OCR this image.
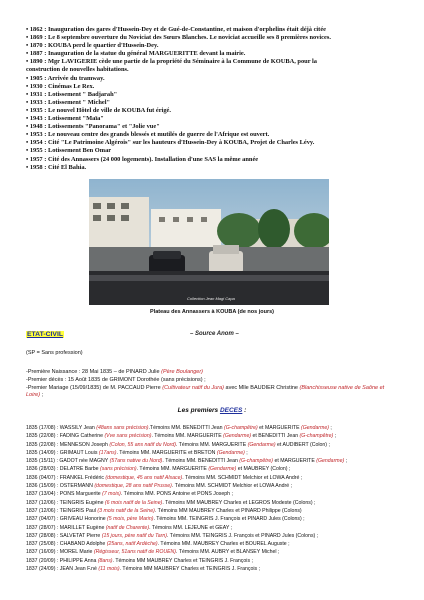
• 1862 : Inauguration des gares d'Hussein-Dey et de Gué-de-Constantine, et maison d'orphelins était déjà citée
• 1869 : Le 8 septembre ouverture du Noviciat des Sœurs Blanches. Le noviciat accueille ses 8 premières novices.
• 1870 : KOUBA perd le quartier d'Hussein-Dey.
• 1887 : Inauguration de la statue du général MARGUERITTE devant la mairie.
• 1890 : Mgr LAVIGERIE cède une partie de la propriété du Séminaire à la Commune de KOUBA, pour la
construction de nouvelles habitations.
• 1905 : Arrivée du tramway.
• 1930 : Cinémas Le Rex.
• 1931 : Lotissement " Badjarah"
• 1933 : Lotissement " Michel"
• 1935 : Le nouvel Hôtel de ville de KOUBA fut érigé.
• 1943 : Lotissement "Maïa"
• 1948 : Lotissements "Panorama" et "Jolie vue"
• 1953 : Le nouveau centre des grands blessés et mutilés de guerre de l'Afrique est ouvert.
• 1954 : Cité "Le Patrimoine Algérois" sur les hauteurs d'Hussein-Dey à KOUBA, Projet de Charles Lévy.
• 1955 : Lotissement Ben Omar
• 1957 : Cité des Annassers (24 000 logements). Installation d'une SAS la même année
• 1958 : Cité El Bahia.
Collection Jean Magi Capa
Plateau des Annassers à KOUBA (de nos jours)
ETAT-CIVIL	– Source Anom –
(SP = Sans profession)
-Première Naissance : 28 Mai 1835 – de PINARD Julie (Père Boulanger)
-Premier décès : 15 Août 1835 de GRIMONT Dorothée (sans précisions) ;
-Premier Mariage (15/09/1835) de M. PACCAUD Pierre (Cultivateur natif du Jura) avec Mlle BAUDIER Christine (Blanchisseuse native de Saône et
Loire) ;
Les premiers DECES :
1835 (17/08) : WASSILY Jean (48ans sans précision).Témoins MM. BENEDITTI Jean (G-champêtre) et MARGUERITE (Gendarme) ;
1835 (22/08) : FADING Catherine (Vve sans précision). Témoins MM. MARGUERITE (Gendarme) et BENEDITTI Jean (G-champêtre) ;
1835 (22/08) : MENNESON Joseph (Colon, 55 ans natif du Nord). Témoins MM. MARGUERITE (Gendarme) et AUDIBERT (Colon) ;
1835 (14/09) : GRIMAUT Louis (17ans). Témoins MM. MARGUERITE et BRETON (Gendarme) ;
1835 (15/11) : GADOT née MAGNY (57ans native du Nord). Témoins MM. BENEDITTI Jean (G-champêtre) et MARGUERITE (Gendarme) ;
1836 (28/03) : DELATRE Barbe (sans précision). Témoins MM. MARGUERITE (Gendarme) et MAUBREY (Colon) ;
1836 (04/07) : FRANKEL Frédéric (domestique, 45 ans natif Alsace). Témoins MM. SCHMIDT Melchior et LOWA André ;
1836 (15/09) : OSTERMANN (domestique, 28 ans natif Prusse). Témoins MM. SCHMIDT Melchior et LOWA André ;
1837 (13/04) : PONS Marguerite (7 mois). Témoins MM. PONS Antoine et PONS Joseph ;
1837 (12/06) : TEINGRIS Eugène (6 mois natif de la Seine). Témoins MM MAUBREY Charles et LEGROS Modeste (Colons) ;
1837 (12/06) : TEINGRIS Paul (3 mois natif de la Seine). Témoins MM MAUBREY Charles et PINARD Philippe (Colons)
1837 (04/07) : GRIVEAU Honorine (5 mois, père Marin). Témoins MM. TEINGRIS J. François et PINARD Jules (Colons) ;
1837 (28/07) : MARILLET Eugène (natif de Charente). Témoins MM. LEJEUNE et GEAY ;
1837 (28/08) : SALVETAT Pierre (15 jours, père natif du Tarn). Témoins MM. TEINGRIS J. François et PINARD Jules (Colons) ;
1837 (25/08) : CHABAND Adolphe (25ans, natif Ardèche). Témoins MM. MAUBREY Charles et BOUREL Auguste ;
1837 (16/09) : MOREL Marie (Régisseur, 51ans natif de ROUEN). Témoins MM. AUBRY et BLANSEY Michel ;
1837 (20/09) : PHILIPPE Anna (8ans). Témoins MM MAUBREY Charles et TEINGRIS J. François ;
1837 (24/09) : JEAN Jean F.né (11 mois). Témoins MM MAUBREY Charles et TEINGRIS J. François ;
